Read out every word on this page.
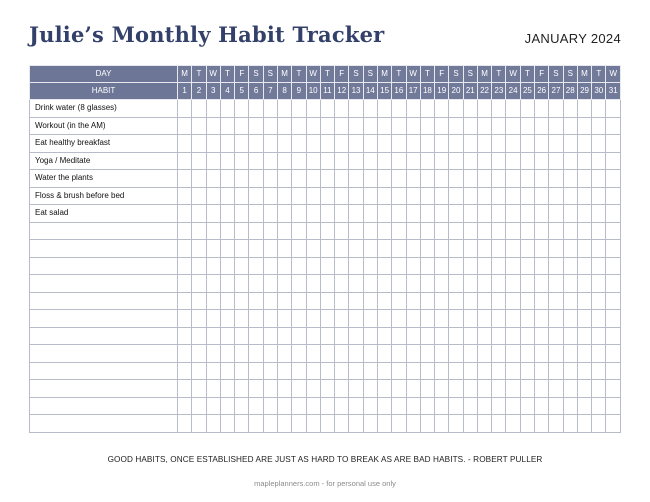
Julie’s Monthly Habit Tracker	JANUARY 2024
DAY	M	T	W	T	F	S	S	M	T	W	T	F	S	S	M	T	W	T	F	S	S	M	T	W	T	F	S	S	M	T	W
HABIT	1	2	3	4	5	6	7	8	9	10	11	12	13	14	15	16	17	18	19	20	21	22	23	24	25	26	27	28	29	30	31
Drink water (8 glasses)																															
Workout (in the AM)																															
Eat healthy breakfast																															
Yoga / Meditate																															
Water the plants																															
Floss & brush before bed																															
Eat salad																															

GOOD HABITS, ONCE ESTABLISHED ARE JUST AS HARD TO BREAK AS ARE BAD HABITS. - ROBERT PULLER
mapleplanners.com - for personal use only
